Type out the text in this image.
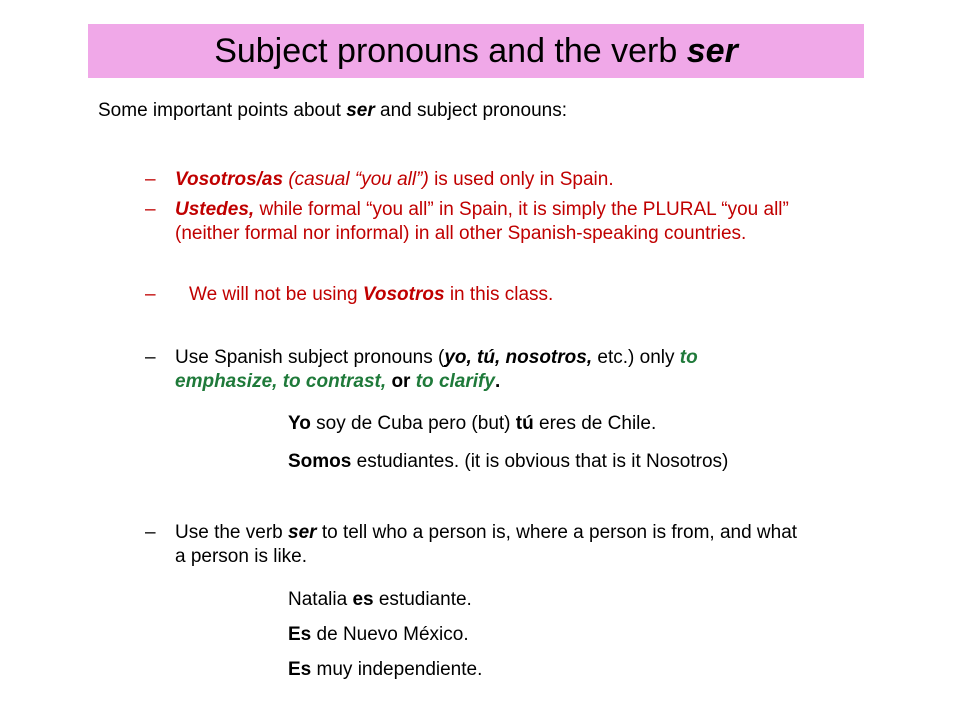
Subject pronouns and the verb ser
Some important points about ser and subject pronouns:
–	Vosotros/as (casual “you all”) is used only in Spain.
–	Ustedes, while formal “you all” in Spain, it is simply the PLURAL “you all” (neither formal nor informal) in all other Spanish-speaking countries.
–	We will not be using Vosotros in this class.
–	Use Spanish subject pronouns (yo, tú, nosotros, etc.) only to emphasize, to contrast, or to clarify.
Yo soy de Cuba pero (but) tú eres de Chile.
Somos estudiantes. (it is obvious that is it Nosotros)
–	Use the verb ser to tell who a person is, where a person is from, and what a person is like.
Natalia es estudiante.
Es de Nuevo México.
Es muy independiente.
